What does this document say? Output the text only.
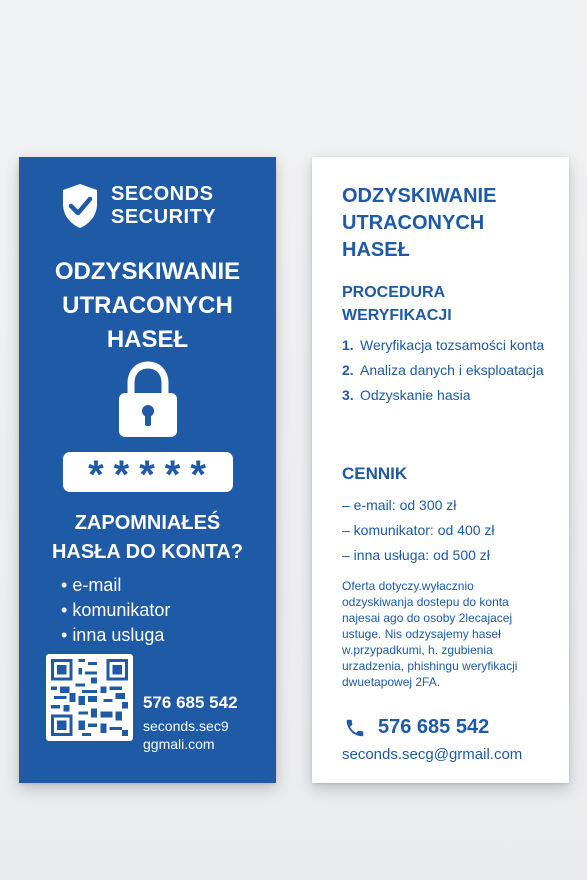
SECONDS
SECURITY
ODZYSKIWANIE
UTRACONYCH
HASEŁ
*****
ZAPOMNIAŁEŚ
HASŁA DO KONTA?
• e-mail
• komunikator
• inna usluga
576 685 542
seconds.sec9
ggmali.com
ODZYSKIWANIE
UTRACONYCH
HASEŁ
PROCEDURA
WERYFIKACJI
1. Weryfikacja tozsamości konta
2. Analiza danych i eksploatacja
3. Odzyskanie hasia
CENNIK
– e-mail: od 300 zł
– komunikator: od 400 zł
– inna usługa: od 500 zł
Oferta dotyczy.wyłacznio odzyskiwanja dostepu do konta najesai ago do osoby 2lecajacej ustuge. Nis odzysajemy haseł w.przypadkumi, h. zgubienia urzadzenia, phishingu weryfikacji dwuetapowej 2FA.
576 685 542
seconds.secg@grmail.com
